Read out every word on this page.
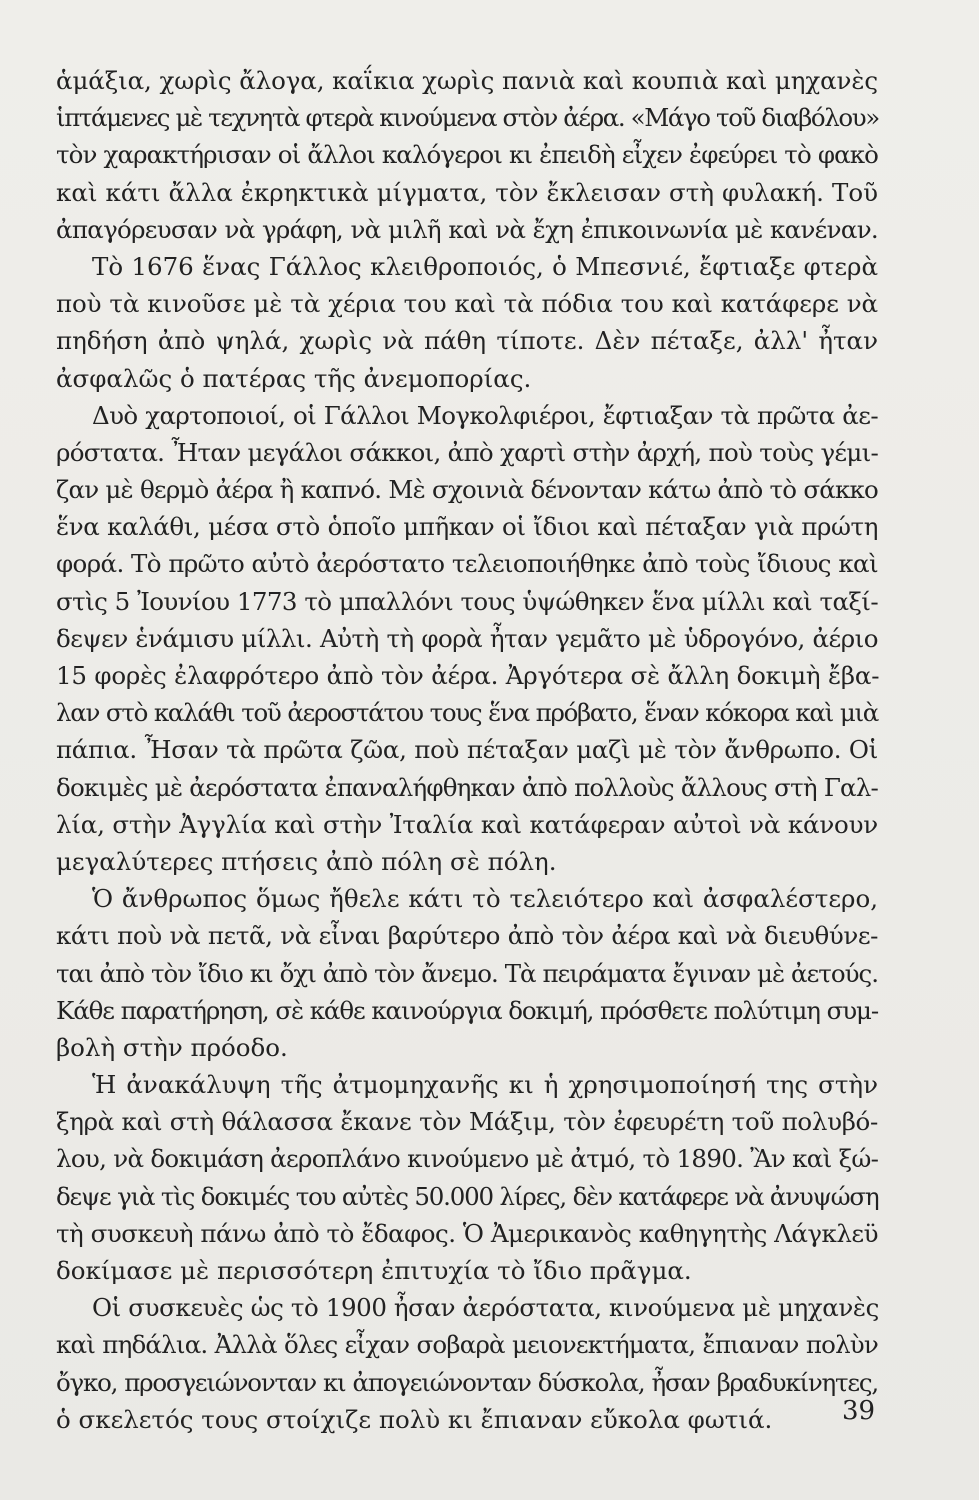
ἁμάξια, χωρὶς ἄλογα, καΐκια χωρὶς πανιὰ καὶ κουπιὰ καὶ μηχανὲς
ἱπτάμενες μὲ τεχνητὰ φτερὰ κινούμενα στὸν ἀέρα. «Μάγο τοῦ διαβόλου»
τὸν χαρακτήρισαν οἱ ἄλλοι καλόγεροι κι ἐπειδὴ εἶχεν ἐφεύρει τὸ φακὸ
καὶ κάτι ἄλλα ἐκρηκτικὰ μίγματα, τὸν ἔκλεισαν στὴ φυλακή. Τοῦ
ἀπαγόρευσαν νὰ γράφη, νὰ μιλῆ καὶ νὰ ἔχη ἐπικοινωνία μὲ κανέναν.
Τὸ 1676 ἕνας Γάλλος κλειθροποιός, ὁ Μπεσνιέ, ἔφτιαξε φτερὰ
ποὺ τὰ κινοῦσε μὲ τὰ χέρια του καὶ τὰ πόδια του καὶ κατάφερε νὰ
πηδήση ἀπὸ ψηλά, χωρὶς νὰ πάθη τίποτε. Δὲν πέταξε, ἀλλ' ἦταν
ἀσφαλῶς ὁ πατέρας τῆς ἀνεμοπορίας.
Δυὸ χαρτοποιοί, οἱ Γάλλοι Μογκολφιέροι, ἔφτιαξαν τὰ πρῶτα ἀε-
ρόστατα. Ἦταν μεγάλοι σάκκοι, ἀπὸ χαρτὶ στὴν ἀρχή, ποὺ τοὺς γέμι-
ζαν μὲ θερμὸ ἀέρα ἢ καπνό. Μὲ σχοινιὰ δένονταν κάτω ἀπὸ τὸ σάκκο
ἕνα καλάθι, μέσα στὸ ὁποῖο μπῆκαν οἱ ἴδιοι καὶ πέταξαν γιὰ πρώτη
φορά. Τὸ πρῶτο αὐτὸ ἀερόστατο τελειοποιήθηκε ἀπὸ τοὺς ἴδιους καὶ
στὶς 5 Ἰουνίου 1773 τὸ μπαλλόνι τους ὑψώθηκεν ἕνα μίλλι καὶ ταξί-
δεψεν ἑνάμισυ μίλλι. Αὐτὴ τὴ φορὰ ἦταν γεμᾶτο μὲ ὑδρογόνο, ἀέριο
15 φορὲς ἐλαφρότερο ἀπὸ τὸν ἀέρα. Ἀργότερα σὲ ἄλλη δοκιμὴ ἔβα-
λαν στὸ καλάθι τοῦ ἀεροστάτου τους ἕνα πρόβατο, ἕναν κόκορα καὶ μιὰ
πάπια. Ἦσαν τὰ πρῶτα ζῶα, ποὺ πέταξαν μαζὶ μὲ τὸν ἄνθρωπο. Οἱ
δοκιμὲς μὲ ἀερόστατα ἐπαναλήφθηκαν ἀπὸ πολλοὺς ἄλλους στὴ Γαλ-
λία, στὴν Ἀγγλία καὶ στὴν Ἰταλία καὶ κατάφεραν αὐτοὶ νὰ κάνουν
μεγαλύτερες πτήσεις ἀπὸ πόλη σὲ πόλη.
Ὁ ἄνθρωπος ὅμως ἤθελε κάτι τὸ τελειότερο καὶ ἀσφαλέστερο,
κάτι ποὺ νὰ πετᾶ, νὰ εἶναι βαρύτερο ἀπὸ τὸν ἀέρα καὶ νὰ διευθύνε-
ται ἀπὸ τὸν ἴδιο κι ὄχι ἀπὸ τὸν ἄνεμο. Τὰ πειράματα ἔγιναν μὲ ἀετούς.
Κάθε παρατήρηση, σὲ κάθε καινούργια δοκιμή, πρόσθετε πολύτιμη συμ-
βολὴ στὴν πρόοδο.
Ἡ ἀνακάλυψη τῆς ἀτμομηχανῆς κι ἡ χρησιμοποίησή της στὴν
ξηρὰ καὶ στὴ θάλασσα ἔκανε τὸν Μάξιμ, τὸν ἐφευρέτη τοῦ πολυβό-
λου, νὰ δοκιμάση ἀεροπλάνο κινούμενο μὲ ἀτμό, τὸ 1890. Ἂν καὶ ξώ-
δεψε γιὰ τὶς δοκιμές του αὐτὲς 50.000 λίρες, δὲν κατάφερε νὰ ἀνυψώση
τὴ συσκευὴ πάνω ἀπὸ τὸ ἔδαφος. Ὁ Ἀμερικανὸς καθηγητὴς Λάγκλεϋ
δοκίμασε μὲ περισσότερη ἐπιτυχία τὸ ἴδιο πρᾶγμα.
Οἱ συσκευὲς ὡς τὸ 1900 ἦσαν ἀερόστατα, κινούμενα μὲ μηχανὲς
καὶ πηδάλια. Ἀλλὰ ὅλες εἶχαν σοβαρὰ μειονεκτήματα, ἔπιαναν πολὺν
ὄγκο, προσγειώνονταν κι ἀπογειώνονταν δύσκολα, ἦσαν βραδυκίνητες,
ὁ σκελετός τους στοίχιζε πολὺ κι ἔπιαναν εὔκολα φωτιά.	39
